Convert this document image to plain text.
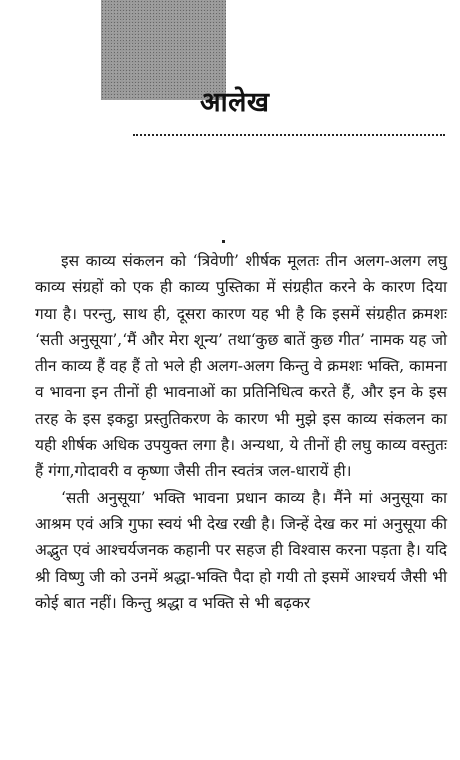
आलेख

इस काव्य संकलन को ‘त्रिवेणी’ शीर्षक मूलतः तीन अलग-अलग लघु काव्य संग्रहों को एक ही काव्य पुस्तिका में संग्रहीत करने के कारण दिया गया है। परन्तु, साथ ही, दूसरा कारण यह भी है कि इसमें संग्रहीत क्रमशः ‘सती अनुसूया’,‘मैं और मेरा शून्य’ तथा‘कुछ बातें कुछ गीत’ नामक यह जो तीन काव्य हैं वह हैं तो भले ही अलग-अलग किन्तु वे क्रमशः भक्ति, कामना व भावना इन तीनों ही भावनाओं का प्रतिनिधित्व करते हैं, और इन के इस तरह के इस इकट्ठा प्रस्तुतिकरण के कारण भी मुझे इस काव्य संकलन का यही शीर्षक अधिक उपयुक्त लगा है। अन्यथा, ये तीनों ही लघु काव्य वस्तुतः हैं गंगा,गोदावरी व कृष्णा जैसी तीन स्वतंत्र जल-धारायें ही।

‘सती अनुसूया’ भक्ति भावना प्रधान काव्य है। मैंने मां अनुसूया का आश्रम एवं अत्रि गुफा स्वयं भी देख रखी है। जिन्हें देख कर मां अनुसूया की अद्भुत एवं आश्चर्यजनक कहानी पर सहज ही विश्वास करना पड़ता है। यदि श्री विष्णु जी को उनमें श्रद्धा-भक्ति पैदा हो गयी तो इसमें आश्चर्य जैसी भी कोई बात नहीं। किन्तु श्रद्धा व भक्ति से भी बढ़कर
